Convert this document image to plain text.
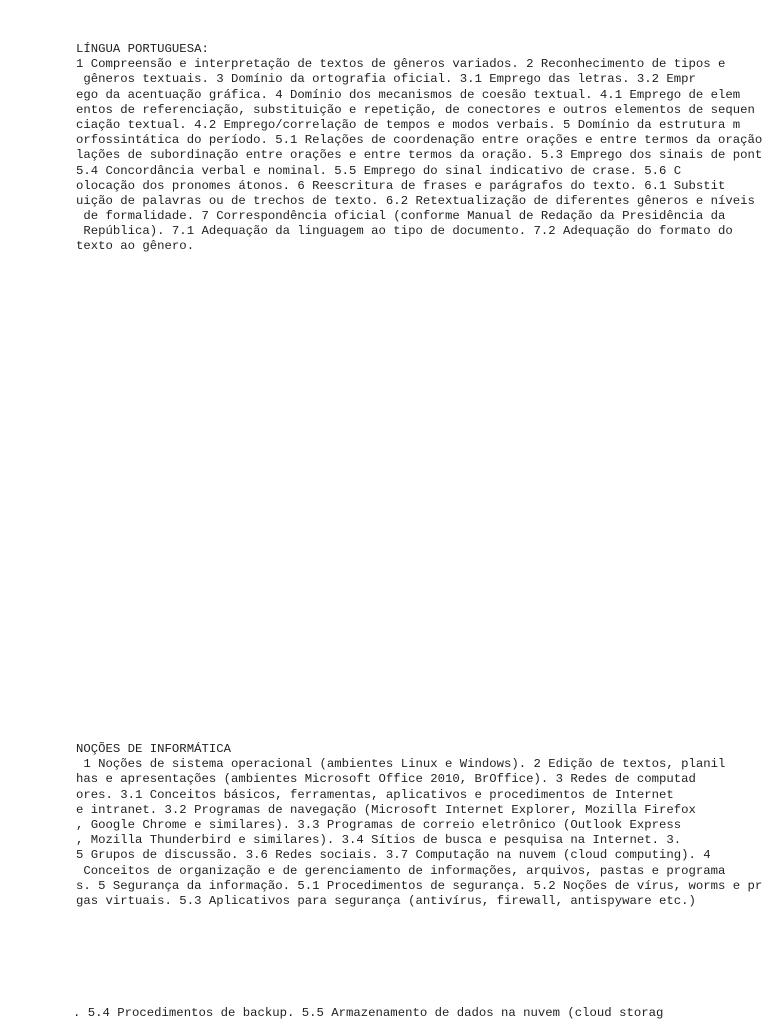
LÍNGUA PORTUGUESA:
1 Compreensão e interpretação de textos de gêneros variados. 2 Reconhecimento de tipos e
gêneros textuais. 3 Domínio da ortografia oficial. 3.1 Emprego das letras. 3.2 Empr
ego da acentuação gráfica. 4 Domínio dos mecanismos de coesão textual. 4.1 Emprego de elem
entos de referenciação, substituição e repetição, de conectores e outros elementos de sequen
ciação textual. 4.2 Emprego/correlação de tempos e modos verbais. 5 Domínio da estrutura m
orfossintática do período. 5.1 Relações de coordenação entre orações e entre termos da oração
lações de subordinação entre orações e entre termos da oração. 5.3 Emprego dos sinais de pont
5.4 Concordância verbal e nominal. 5.5 Emprego do sinal indicativo de crase. 5.6 C
olocação dos pronomes átonos. 6 Reescritura de frases e parágrafos do texto. 6.1 Substit
uição de palavras ou de trechos de texto. 6.2 Retextualização de diferentes gêneros e níveis
de formalidade. 7 Correspondência oficial (conforme Manual de Redação da Presidência da
República). 7.1 Adequação da linguagem ao tipo de documento. 7.2 Adequação do formato do
texto ao gênero.
NOÇÕES DE INFORMÁTICA
1 Noções de sistema operacional (ambientes Linux e Windows). 2 Edição de textos, planil
has e apresentações (ambientes Microsoft Office 2010, BrOffice). 3 Redes de computad
ores. 3.1 Conceitos básicos, ferramentas, aplicativos e procedimentos de Internet
e intranet. 3.2 Programas de navegação (Microsoft Internet Explorer, Mozilla Firefox
, Google Chrome e similares). 3.3 Programas de correio eletrônico (Outlook Express
, Mozilla Thunderbird e similares). 3.4 Sítios de busca e pesquisa na Internet. 3.
5 Grupos de discussão. 3.6 Redes sociais. 3.7 Computação na nuvem (cloud computing). 4
Conceitos de organização e de gerenciamento de informações, arquivos, pastas e programa
s. 5 Segurança da informação. 5.1 Procedimentos de segurança. 5.2 Noções de vírus, worms e pr
gas virtuais. 5.3 Aplicativos para segurança (antivírus, firewall, antispyware etc.)
. 5.4 Procedimentos de backup. 5.5 Armazenamento de dados na nuvem (cloud storag
